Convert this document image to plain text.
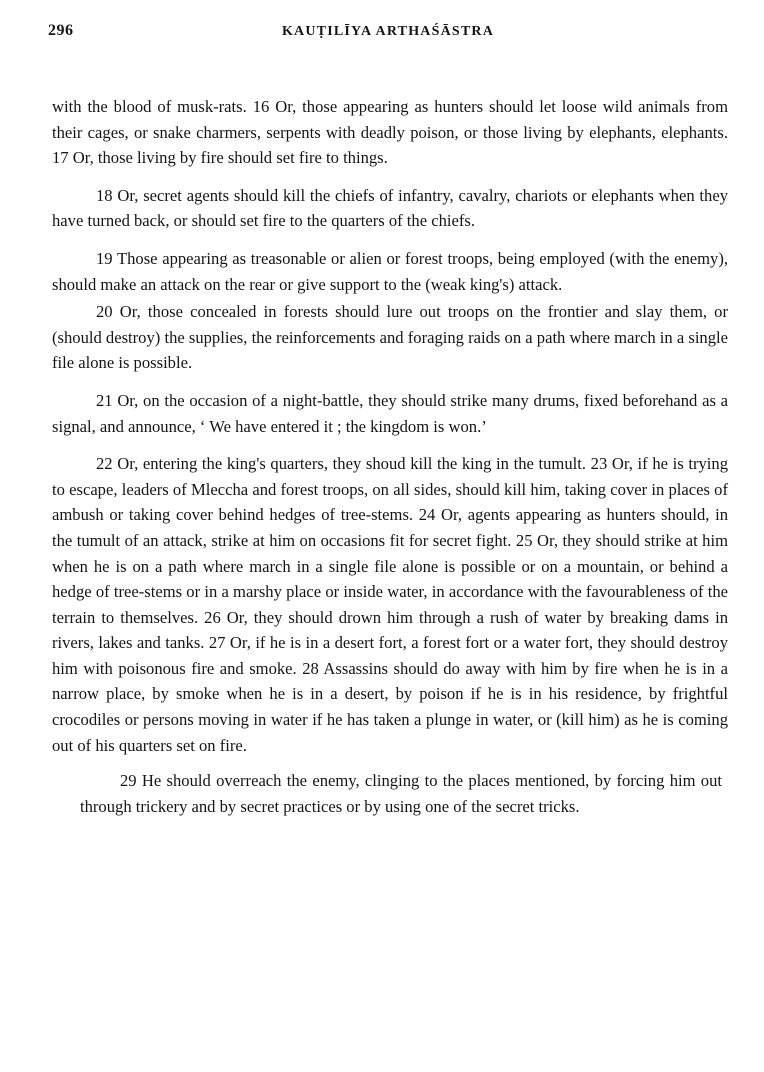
296	KAUṬILĪYA ARTHAŚĀSTRA

with the blood of musk-rats. 16 Or, those appearing as hunters should let loose wild animals from their cages, or snake charmers, serpents with deadly poison, or those living by elephants, elephants. 17 Or, those living by fire should set fire to things.

18 Or, secret agents should kill the chiefs of infantry, cavalry, chariots or elephants when they have turned back, or should set fire to the quarters of the chiefs.

19 Those appearing as treasonable or alien or forest troops, being employed (with the enemy), should make an attack on the rear or give support to the (weak king's) attack.

20 Or, those concealed in forests should lure out troops on the frontier and slay them, or (should destroy) the supplies, the reinforcements and foraging raids on a path where march in a single file alone is possible.

21 Or, on the occasion of a night-battle, they should strike many drums, fixed beforehand as a signal, and announce, ‘ We have entered it ; the kingdom is won.’

22 Or, entering the king's quarters, they shoud kill the king in the tumult. 23 Or, if he is trying to escape, leaders of Mleccha and forest troops, on all sides, should kill him, taking cover in places of ambush or taking cover behind hedges of tree-stems. 24 Or, agents appearing as hunters should, in the tumult of an attack, strike at him on occasions fit for secret fight. 25 Or, they should strike at him when he is on a path where march in a single file alone is possible or on a mountain, or behind a hedge of tree-stems or in a marshy place or inside water, in accordance with the favourableness of the terrain to themselves. 26 Or, they should drown him through a rush of water by breaking dams in rivers, lakes and tanks. 27 Or, if he is in a desert fort, a forest fort or a water fort, they should destroy him with poisonous fire and smoke. 28 Assassins should do away with him by fire when he is in a narrow place, by smoke when he is in a desert, by poison if he is in his residence, by frightful crocodiles or persons moving in water if he has taken a plunge in water, or (kill him) as he is coming out of his quarters set on fire.

29 He should overreach the enemy, clinging to the places mentioned, by forcing him out through trickery and by secret practices or by using one of the secret tricks.
